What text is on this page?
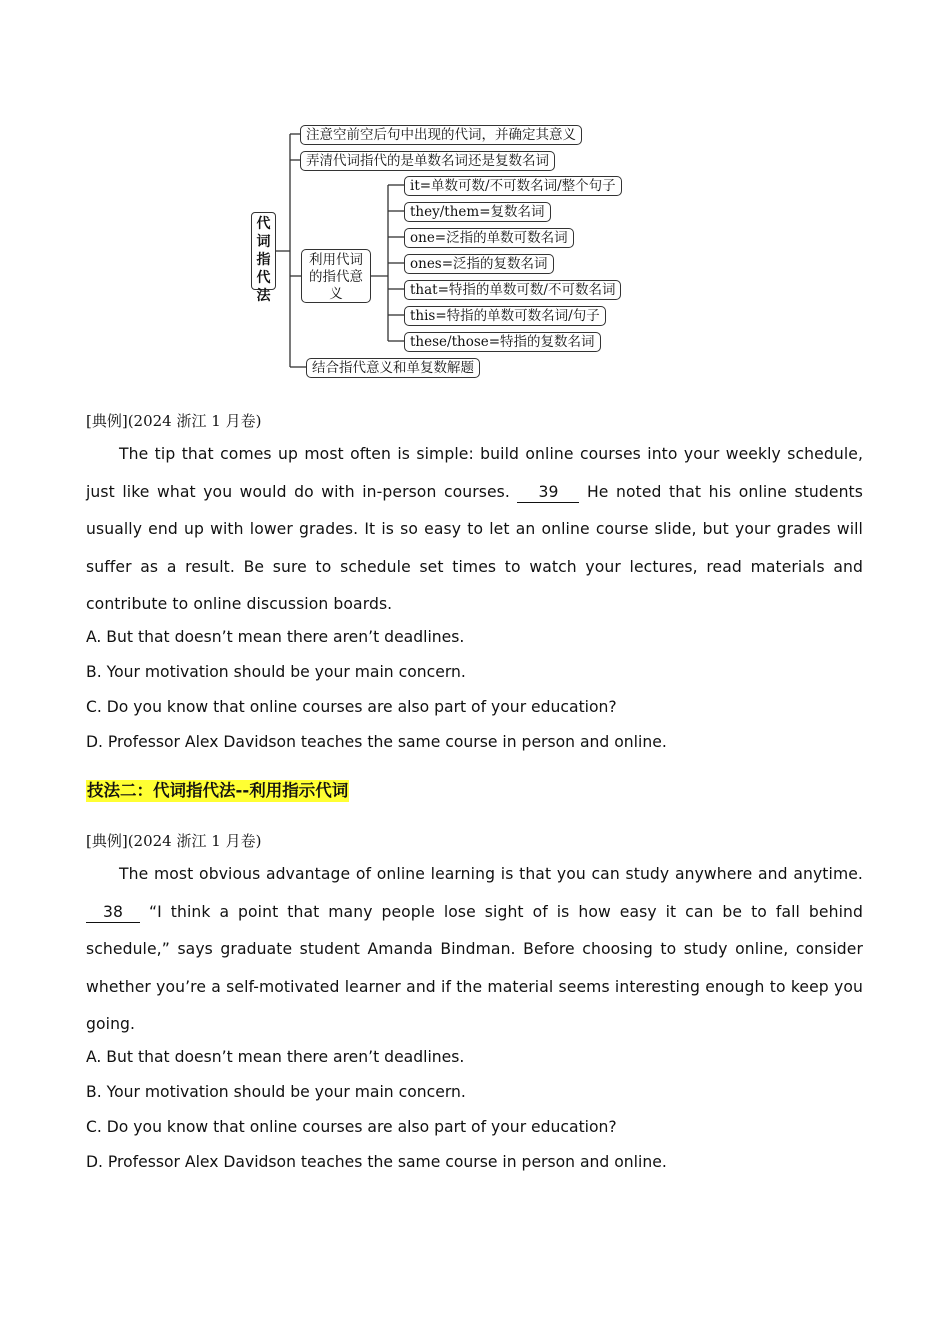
代词指代法
注意空前空后句中出现的代词，并确定其意义
弄清代词指代的是单数名词还是复数名词
利用代词的指代意义
结合指代意义和单复数解题
it=单数可数/不可数名词/整个句子
they/them=复数名词
one=泛指的单数可数名词
ones=泛指的复数名词
that=特指的单数可数/不可数名词
this=特指的单数可数名词/句子
these/those=特指的复数名词
[典例](2024 浙江 1 月卷)

The tip that comes up most often is simple: build online courses into your weekly schedule, just like what you would do with in-person courses. 39 He noted that his online students usually end up with lower grades. It is so easy to let an online course slide, but your grades will suffer as a result. Be sure to schedule set times to watch your lectures, read materials and contribute to online discussion boards.

A. But that doesn’t mean there aren’t deadlines.
B. Your motivation should be your main concern.
C. Do you know that online courses are also part of your education?
D. Professor Alex Davidson teaches the same course in person and online.
技法二：代词指代法--利用指示代词
[典例](2024 浙江 1 月卷)

The most obvious advantage of online learning is that you can study anywhere and anytime. 38 “I think a point that many people lose sight of is how easy it can be to fall behind schedule,” says graduate student Amanda Bindman. Before choosing to study online, consider whether you’re a self-motivated learner and if the material seems interesting enough to keep you going.

A. But that doesn’t mean there aren’t deadlines.
B. Your motivation should be your main concern.
C. Do you know that online courses are also part of your education?
D. Professor Alex Davidson teaches the same course in person and online.
